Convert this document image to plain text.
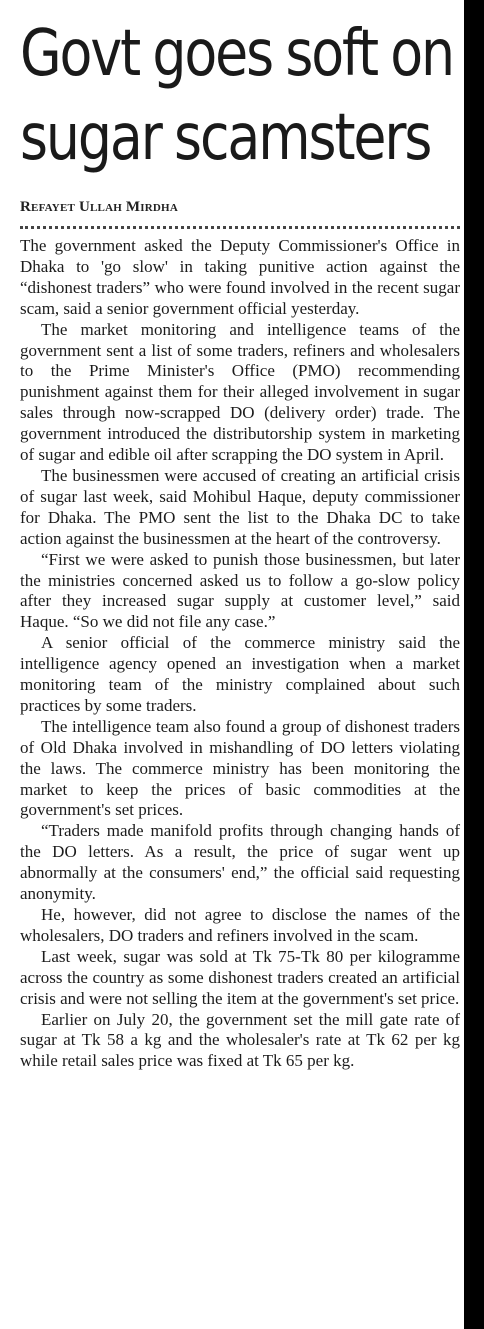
Govt goes soft on sugar scamsters
Refayet Ullah Mirdha

The government asked the Deputy Commissioner's Office in Dhaka to 'go slow' in taking punitive action against the “dishonest traders” who were found involved in the recent sugar scam, said a senior government official yesterday.

The market monitoring and intelligence teams of the government sent a list of some traders, refiners and wholesalers to the Prime Minister's Office (PMO) recommending punishment against them for their alleged involvement in sugar sales through now-scrapped DO (delivery order) trade. The government introduced the distributorship system in marketing of sugar and edible oil after scrapping the DO system in April.

The businessmen were accused of creating an artificial crisis of sugar last week, said Mohibul Haque, deputy commissioner for Dhaka. The PMO sent the list to the Dhaka DC to take action against the businessmen at the heart of the controversy.

“First we were asked to punish those businessmen, but later the ministries concerned asked us to follow a go-slow policy after they increased sugar supply at customer level,” said Haque. “So we did not file any case.”

A senior official of the commerce ministry said the intelligence agency opened an investigation when a market monitoring team of the ministry complained about such practices by some traders.

The intelligence team also found a group of dishonest traders of Old Dhaka involved in mishandling of DO letters violating the laws. The commerce ministry has been monitoring the market to keep the prices of basic commodities at the government's set prices.

“Traders made manifold profits through changing hands of the DO letters. As a result, the price of sugar went up abnormally at the consumers' end,” the official said requesting anonymity.

He, however, did not agree to disclose the names of the wholesalers, DO traders and refiners involved in the scam.

Last week, sugar was sold at Tk 75-Tk 80 per kilogramme across the country as some dishonest traders created an artificial crisis and were not selling the item at the government's set price.

Earlier on July 20, the government set the mill gate rate of sugar at Tk 58 a kg and the wholesaler's rate at Tk 62 per kg while retail sales price was fixed at Tk 65 per kg.
